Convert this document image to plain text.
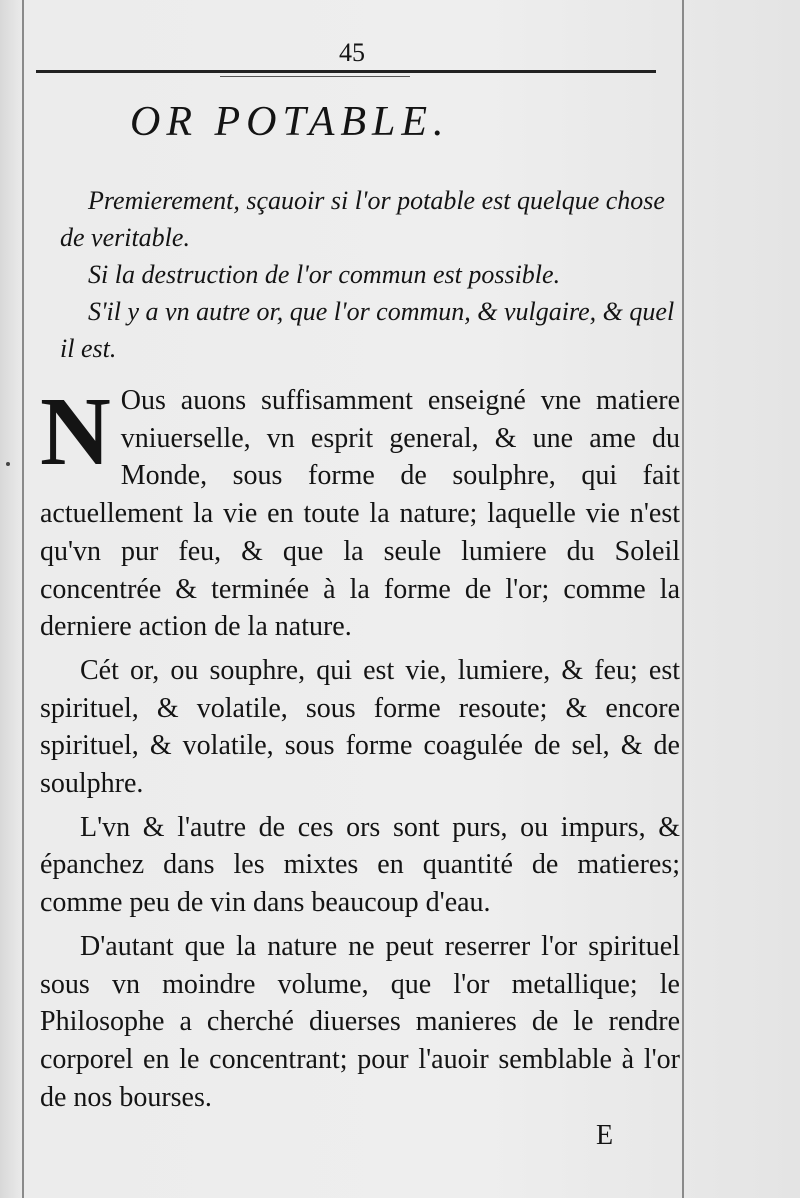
45
OR POTABLE.

Premierement, sçauoir si l'or potable est quelque chose de veritable.

Si la destruction de l'or commun est possible.

S'il y a vn autre or, que l'or commun, & vulgaire, & quel il est.

N Ous auons suffisamment enseigné vne matiere vniuerselle, vn esprit general, & une ame du Monde, sous forme de soulphre, qui fait actuellement la vie en toute la nature; laquelle vie n'est qu'vn pur feu, & que la seule lumiere du Soleil concentrée & terminée à la forme de l'or; comme la derniere action de la nature.

Cét or, ou souphre, qui est vie, lumiere, & feu; est spirituel, & volatile, sous forme resoute; & encore spirituel, & volatile, sous forme coagulée de sel, & de soulphre.

L'vn & l'autre de ces ors sont purs, ou impurs, & épanchez dans les mixtes en quantité de matieres; comme peu de vin dans beaucoup d'eau.

D'autant que la nature ne peut reserrer l'or spirituel sous vn moindre volume, que l'or metallique; le Philosophe a cherché diuerses manieres de le rendre corporel en le concentrant; pour l'auoir semblable à l'or de nos bourses.

E
